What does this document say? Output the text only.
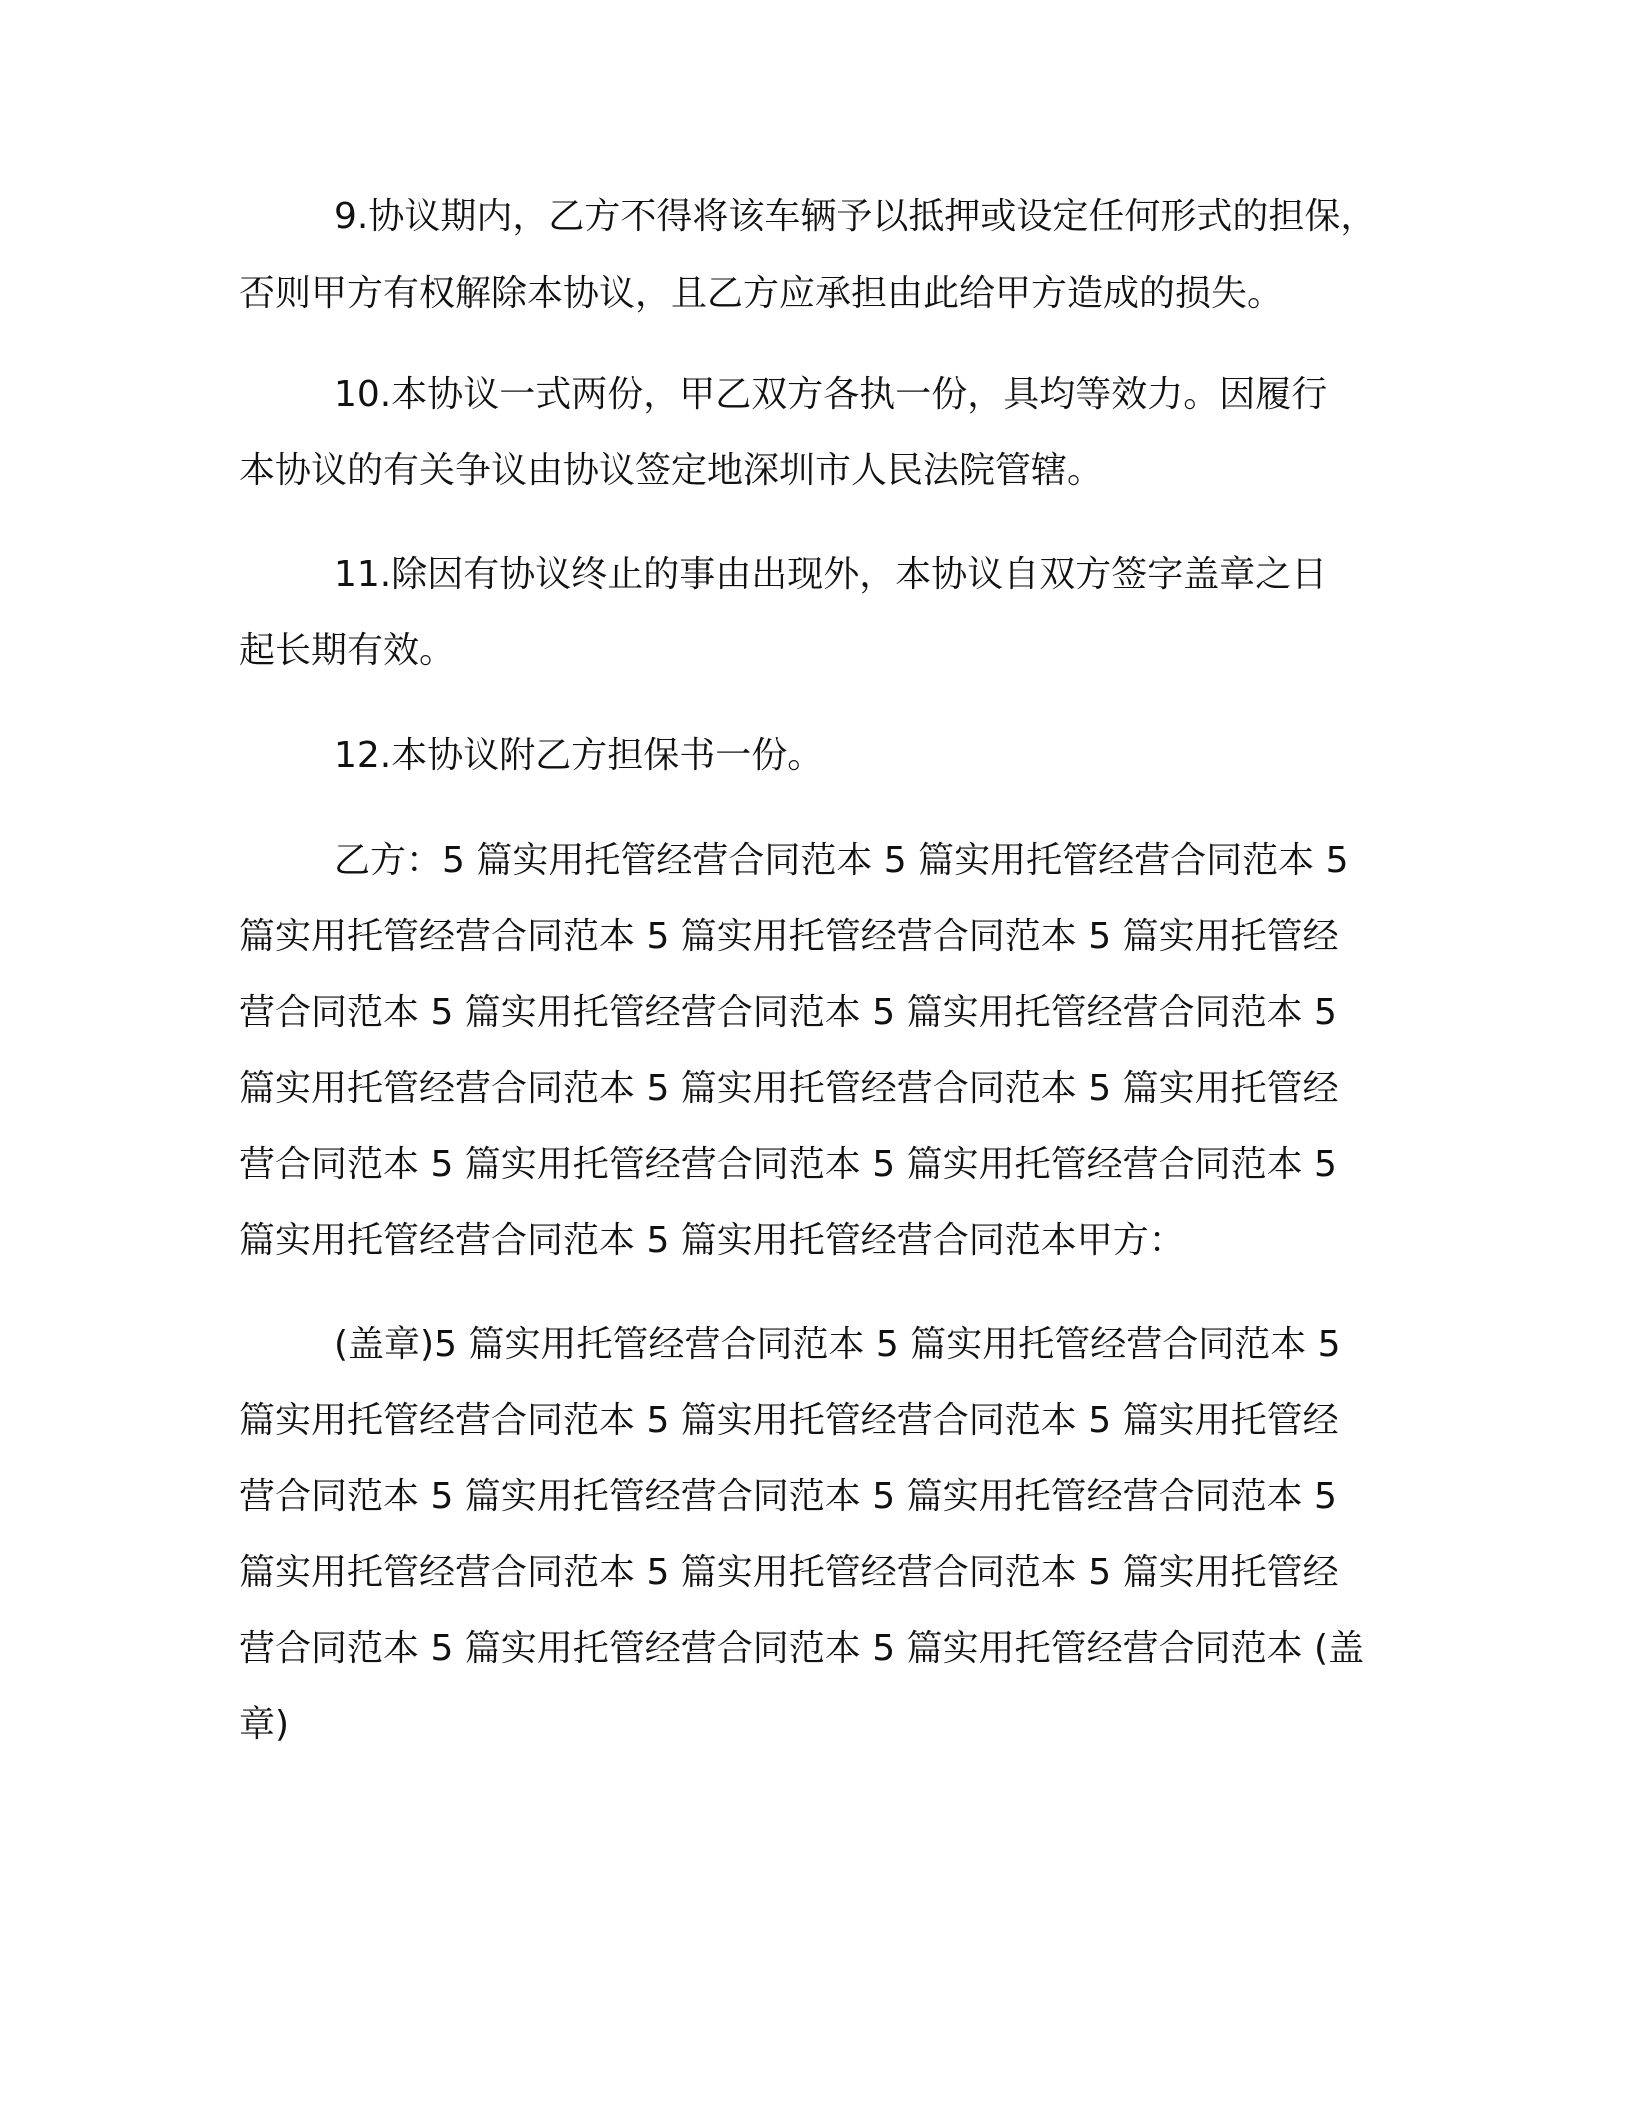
9.协议期内，乙方不得将该车辆予以抵押或设定任何形式的担保，
否则甲方有权解除本协议，且乙方应承担由此给甲方造成的损失。
10.本协议一式两份，甲乙双方各执一份，具均等效力。因履行
本协议的有关争议由协议签定地深圳市人民法院管辖。
11.除因有协议终止的事由出现外，本协议自双方签字盖章之日
起长期有效。
12.本协议附乙方担保书一份。
乙方：5 篇实用托管经营合同范本 5 篇实用托管经营合同范本 5
篇实用托管经营合同范本 5 篇实用托管经营合同范本 5 篇实用托管经
营合同范本 5 篇实用托管经营合同范本 5 篇实用托管经营合同范本 5
篇实用托管经营合同范本 5 篇实用托管经营合同范本 5 篇实用托管经
营合同范本 5 篇实用托管经营合同范本 5 篇实用托管经营合同范本 5
篇实用托管经营合同范本 5 篇实用托管经营合同范本甲方：
(盖章)5 篇实用托管经营合同范本 5 篇实用托管经营合同范本 5
篇实用托管经营合同范本 5 篇实用托管经营合同范本 5 篇实用托管经
营合同范本 5 篇实用托管经营合同范本 5 篇实用托管经营合同范本 5
篇实用托管经营合同范本 5 篇实用托管经营合同范本 5 篇实用托管经
营合同范本 5 篇实用托管经营合同范本 5 篇实用托管经营合同范本 (盖
章)
